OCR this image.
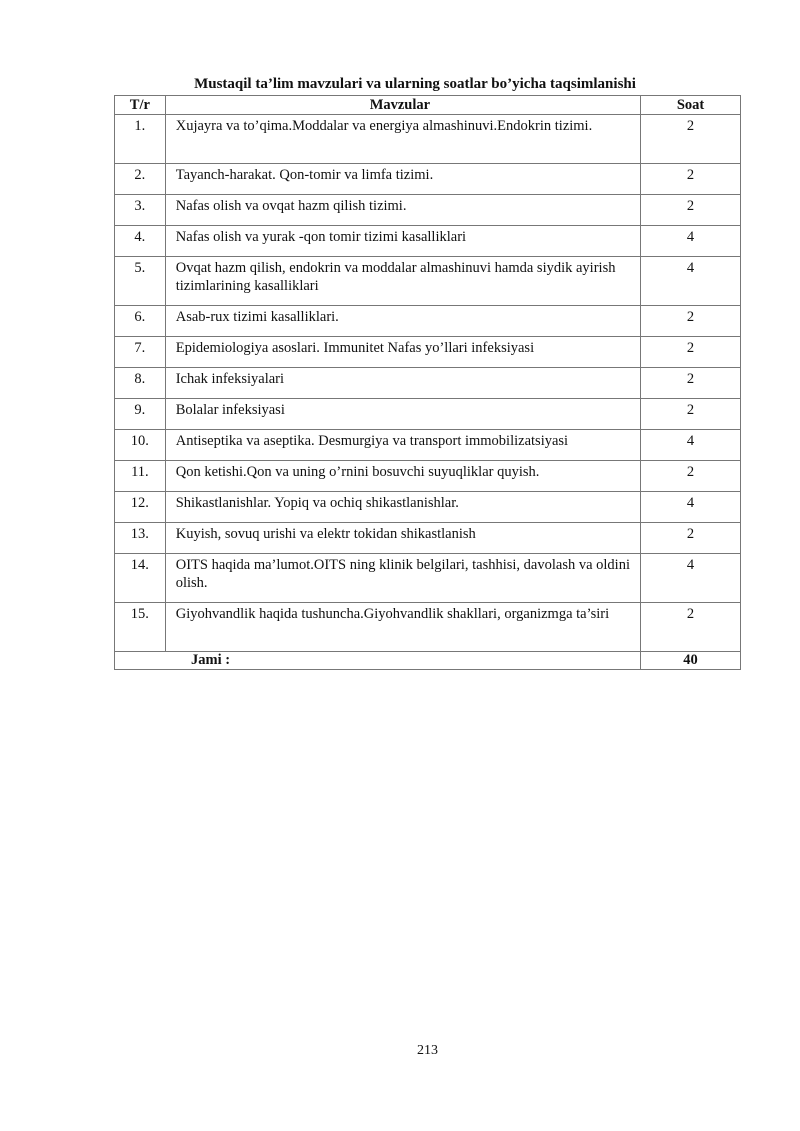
Mustaqil ta’lim mavzulari va ularning soatlar bo’yicha taqsimlanishi
T/r	Mavzular	Soat
1.	Xujayra va to’qima.Moddalar va energiya almashinuvi.Endokrin tizimi.	2
2.	Tayanch-harakat. Qon-tomir va limfa tizimi.	2
3.	Nafas olish va ovqat hazm qilish tizimi.	2
4.	Nafas olish va yurak -qon tomir tizimi kasalliklari	4
5.	Ovqat hazm qilish, endokrin va moddalar almashinuvi hamda siydik ayirish tizimlarining kasalliklari	4
6.	Asab-rux tizimi kasalliklari.	2
7.	Epidemiologiya asoslari. Immunitet Nafas yo’llari infeksiyasi	2
8.	Ichak infeksiyalari	2
9.	Bolalar infeksiyasi	2
10.	Antiseptika va aseptika. Desmurgiya va transport immobilizatsiyasi	4
11.	Qon ketishi.Qon va uning o’rnini bosuvchi suyuqliklar quyish.	2
12.	Shikastlanishlar. Yopiq va ochiq shikastlanishlar.	4
13.	Kuyish, sovuq urishi va elektr tokidan shikastlanish	2
14.	OITS haqida ma’lumot.OITS ning klinik belgilari, tashhisi, davolash va oldini olish.	4
15.	Giyohvandlik haqida tushuncha.Giyohvandlik shakllari, organizmga ta’siri	2
Jami :		40
213
